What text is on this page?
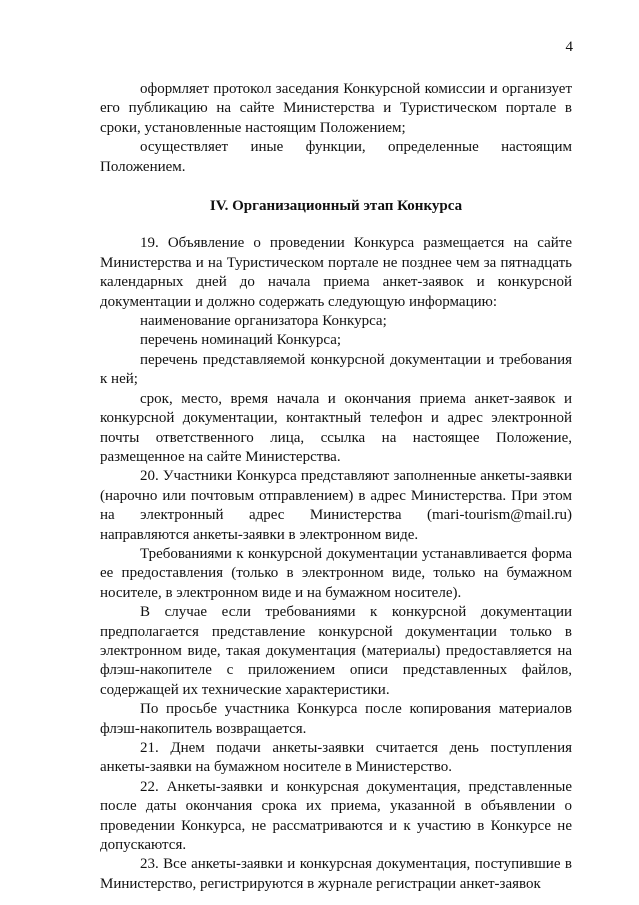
4

оформляет протокол заседания Конкурсной комиссии и организует его публикацию на сайте Министерства и Туристическом портале в сроки, установленные настоящим Положением;

осуществляет иные функции, определенные настоящим Положением.

IV. Организационный этап Конкурса

19. Объявление о проведении Конкурса размещается на сайте Министерства и на Туристическом портале не позднее чем за пятнадцать календарных дней до начала приема анкет-заявок и конкурсной документации и должно содержать следующую информацию:

наименование организатора Конкурса;

перечень номинаций Конкурса;

перечень представляемой конкурсной документации и требования к ней;

срок, место, время начала и окончания приема анкет-заявок и конкурсной документации, контактный телефон и адрес электронной почты ответственного лица, ссылка на настоящее Положение, размещенное на сайте Министерства.

20. Участники Конкурса представляют заполненные анкеты-заявки (нарочно или почтовым отправлением) в адрес Министерства. При этом на электронный адрес Министерства (mari-tourism@mail.ru) направляются анкеты-заявки в электронном виде.

Требованиями к конкурсной документации устанавливается форма ее предоставления (только в электронном виде, только на бумажном носителе, в электронном виде и на бумажном носителе).

В случае если требованиями к конкурсной документации предполагается представление конкурсной документации только в электронном виде, такая документация (материалы) предоставляется на флэш-накопителе с приложением описи представленных файлов, содержащей их технические характеристики.

По просьбе участника Конкурса после копирования материалов флэш-накопитель возвращается.

21. Днем подачи анкеты-заявки считается день поступления анкеты-заявки на бумажном носителе в Министерство.

22. Анкеты-заявки и конкурсная документация, представленные после даты окончания срока их приема, указанной в объявлении о проведении Конкурса, не рассматриваются и к участию в Конкурсе не допускаются.

23. Все анкеты-заявки и конкурсная документация, поступившие в Министерство, регистрируются в журнале регистрации анкет-заявок
